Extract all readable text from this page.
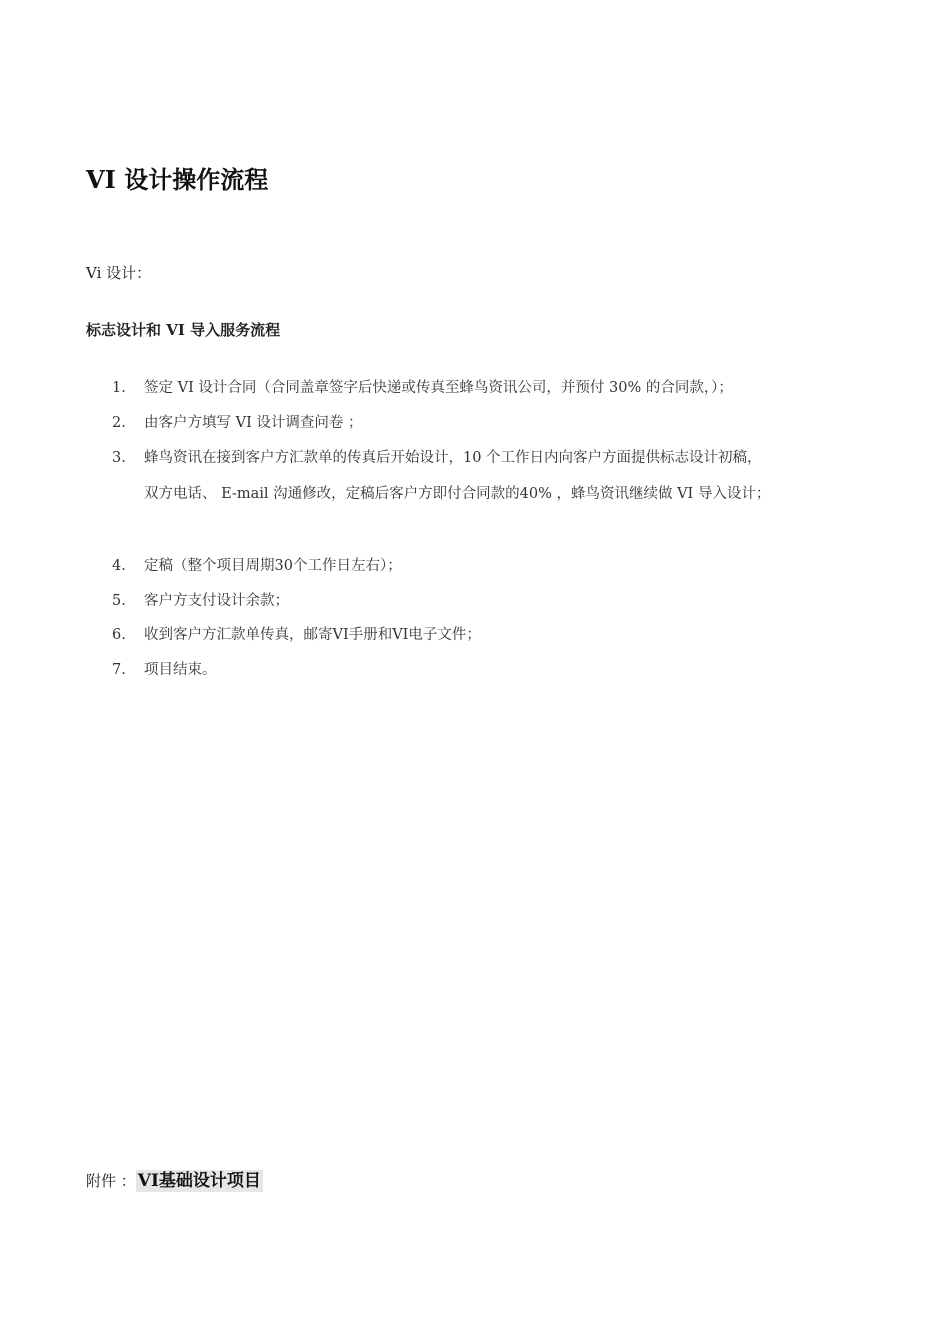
VI 设计操作流程
Vi 设计：
标志设计和 VI 导入服务流程
1. 签定 VI 设计合同（合同盖章签字后快递或传真至蜂鸟资讯公司，并预付 30% 的合同款，）；
2. 由客户方填写 VI 设计调查问卷 ；
3. 蜂鸟资讯在接到客户方汇款单的传真后开始设计，10 个工作日内向客户方面提供标志设计初稿，
双方电话、 E-mail 沟通修改，定稿后客户方即付合同款的40% ，蜂鸟资讯继续做 VI 导入设计；
4. 定稿（整个项目周期30个工作日左右）；
5. 客户方支付设计余款；
6. 收到客户方汇款单传真，邮寄VI手册和VI电子文件；
7. 项目结束。
附件 ： VI基础设计项目
